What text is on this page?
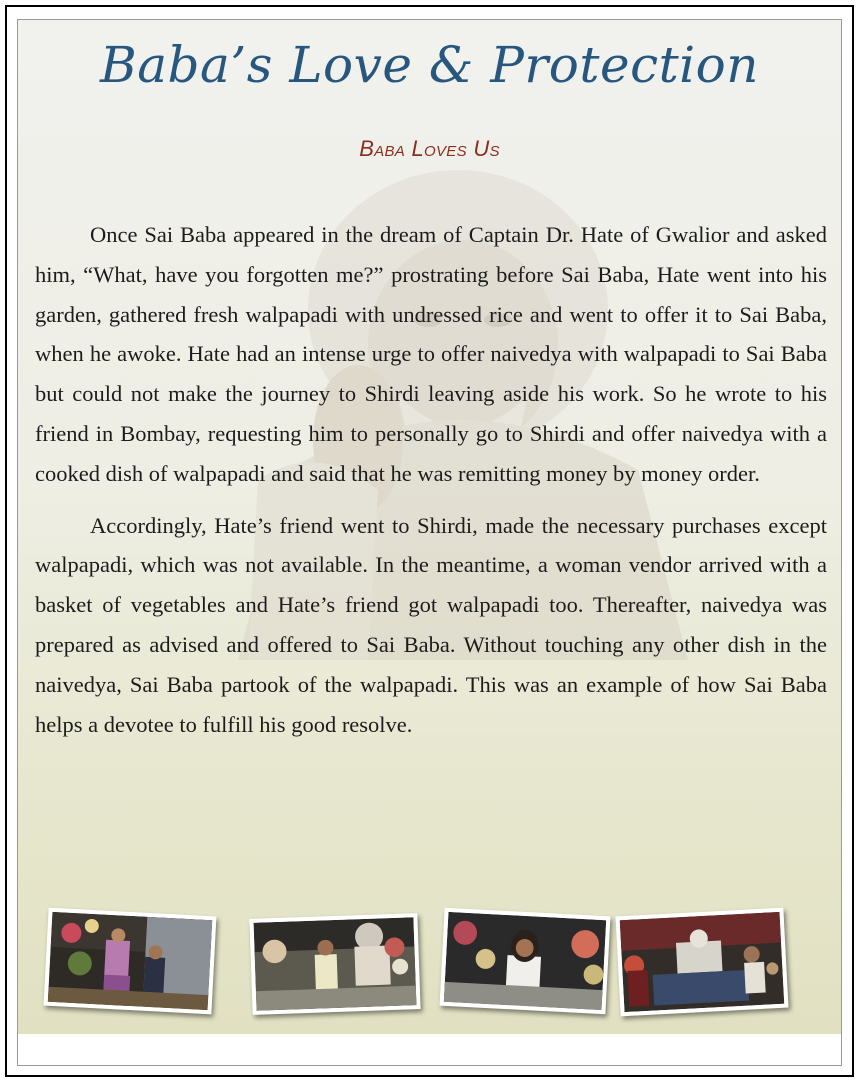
Baba’s Love & Protection
Baba Loves Us

Once Sai Baba appeared in the dream of Captain Dr. Hate of Gwalior and asked him, “What, have you forgotten me?” prostrating before Sai Baba, Hate went into his garden, gathered fresh walpapadi with undressed rice and went to offer it to Sai Baba, when he awoke. Hate had an intense urge to offer naivedya with walpapadi to Sai Baba but could not make the journey to Shirdi leaving aside his work. So he wrote to his friend in Bombay, requesting him to personally go to Shirdi and offer naivedya with a cooked dish of walpapadi and said that he was remitting money by money order.

Accordingly, Hate’s friend went to Shirdi, made the necessary purchases except walpapadi, which was not available. In the meantime, a woman vendor arrived with a basket of vegetables and Hate’s friend got walpapadi too. Thereafter, naivedya was prepared as advised and offered to Sai Baba. Without touching any other dish in the naivedya, Sai Baba partook of the walpapadi. This was an example of how Sai Baba helps a devotee to fulfill his good resolve.
